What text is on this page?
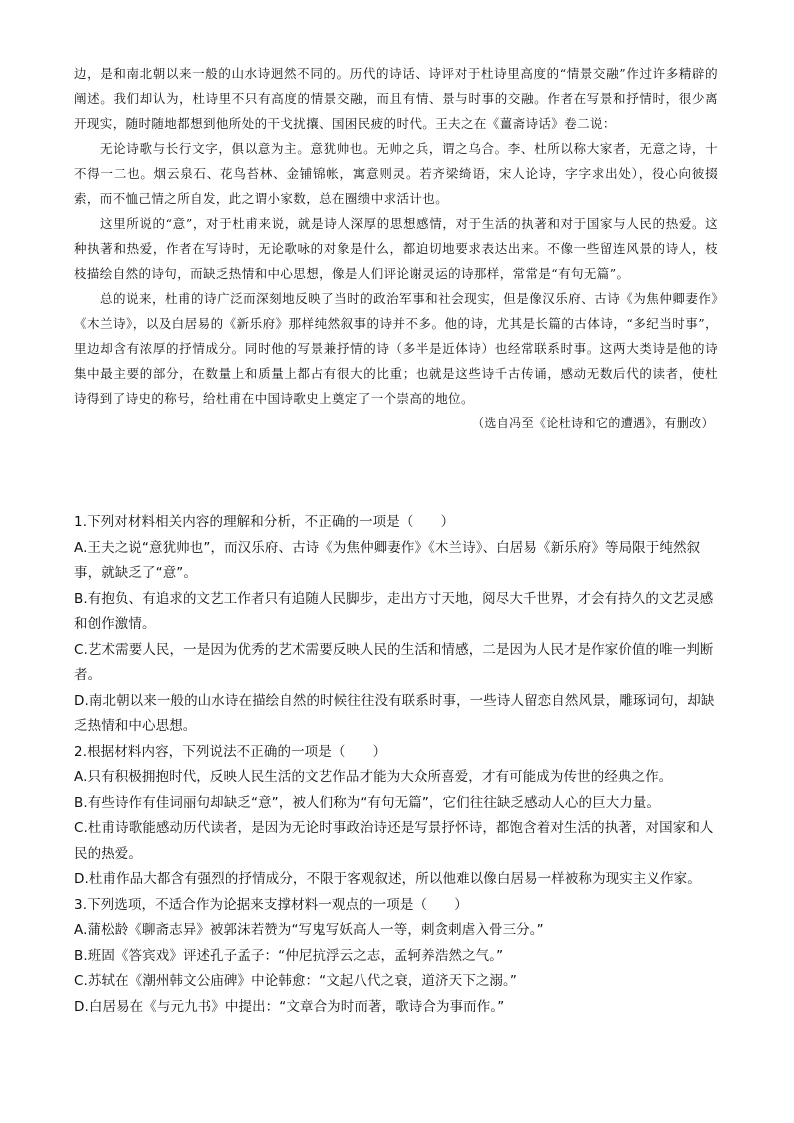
边，是和南北朝以来一般的山水诗迥然不同的。历代的诗话、诗评对于杜诗里高度的“情景交融”作过许多精辟的阐述。我们却认为，杜诗里不只有高度的情景交融，而且有情、景与时事的交融。作者在写景和抒情时，很少离开现实，随时随地都想到他所处的干戈扰攘、国困民疲的时代。王夫之在《薑斋诗话》卷二说：

无论诗歌与长行文字，俱以意为主。意犹帅也。无帅之兵，谓之乌合。李、杜所以称大家者，无意之诗，十不得一二也。烟云泉石、花鸟苔林、金铺锦帐，寓意则灵。若齐梁绮语，宋人论诗，字字求出处），役心向彼掇索，而不恤己情之所自发，此之谓小家数，总在圈缋中求活计也。

这里所说的“意”，对于杜甫来说，就是诗人深厚的思想感情，对于生活的执著和对于国家与人民的热爱。这种执著和热爱，作者在写诗时，无论歌咏的对象是什么，都迫切地要求表达出来。不像一些留连风景的诗人，枝枝描绘自然的诗句，而缺乏热情和中心思想，像是人们评论谢灵运的诗那样，常常是“有句无篇”。

总的说来，杜甫的诗广泛而深刻地反映了当时的政治军事和社会现实，但是像汉乐府、古诗《为焦仲卿妻作》《木兰诗》，以及白居易的《新乐府》那样纯然叙事的诗并不多。他的诗，尤其是长篇的古体诗，“多纪当时事”，里边却含有浓厚的抒情成分。同时他的写景兼抒情的诗（多半是近体诗）也经常联系时事。这两大类诗是他的诗集中最主要的部分，在数量上和质量上都占有很大的比重；也就是这些诗千古传诵，感动无数后代的读者，使杜诗得到了诗史的称号，给杜甫在中国诗歌史上奠定了一个崇高的地位。

（选自冯至《论杜诗和它的遭遇》，有删改）

1.下列对材料相关内容的理解和分析，不正确的一项是（　　）

A.王夫之说“意犹帅也”，而汉乐府、古诗《为焦仲卿妻作》《木兰诗》、白居易《新乐府》等局限于纯然叙事，就缺乏了“意”。

B.有抱负、有追求的文艺工作者只有追随人民脚步，走出方寸天地，阅尽大千世界，才会有持久的文艺灵感和创作激情。

C.艺术需要人民，一是因为优秀的艺术需要反映人民的生活和情感，二是因为人民才是作家价值的唯一判断者。

D.南北朝以来一般的山水诗在描绘自然的时候往往没有联系时事，一些诗人留恋自然风景，雕琢词句，却缺乏热情和中心思想。

2.根据材料内容，下列说法不正确的一项是（　　）

A.只有积极拥抱时代，反映人民生活的文艺作品才能为大众所喜爱，才有可能成为传世的经典之作。

B.有些诗作有佳词丽句却缺乏“意”，被人们称为“有句无篇”，它们往往缺乏感动人心的巨大力量。

C.杜甫诗歌能感动历代读者，是因为无论时事政治诗还是写景抒怀诗，都饱含着对生活的执著，对国家和人民的热爱。

D.杜甫作品大都含有强烈的抒情成分，不限于客观叙述，所以他难以像白居易一样被称为现实主义作家。

3.下列选项，不适合作为论据来支撑材料一观点的一项是（　　）

A.蒲松龄《聊斋志异》被郭沫若赞为“写鬼写妖高人一等，刺贪刺虐入骨三分。”

B.班固《答宾戏》评述孔子孟子：“仲尼抗浮云之志，孟轲养浩然之气。”

C.苏轼在《潮州韩文公庙碑》中论韩愈：“文起八代之衰，道济天下之溺。”

D.白居易在《与元九书》中提出：“文章合为时而著，歌诗合为事而作。”
